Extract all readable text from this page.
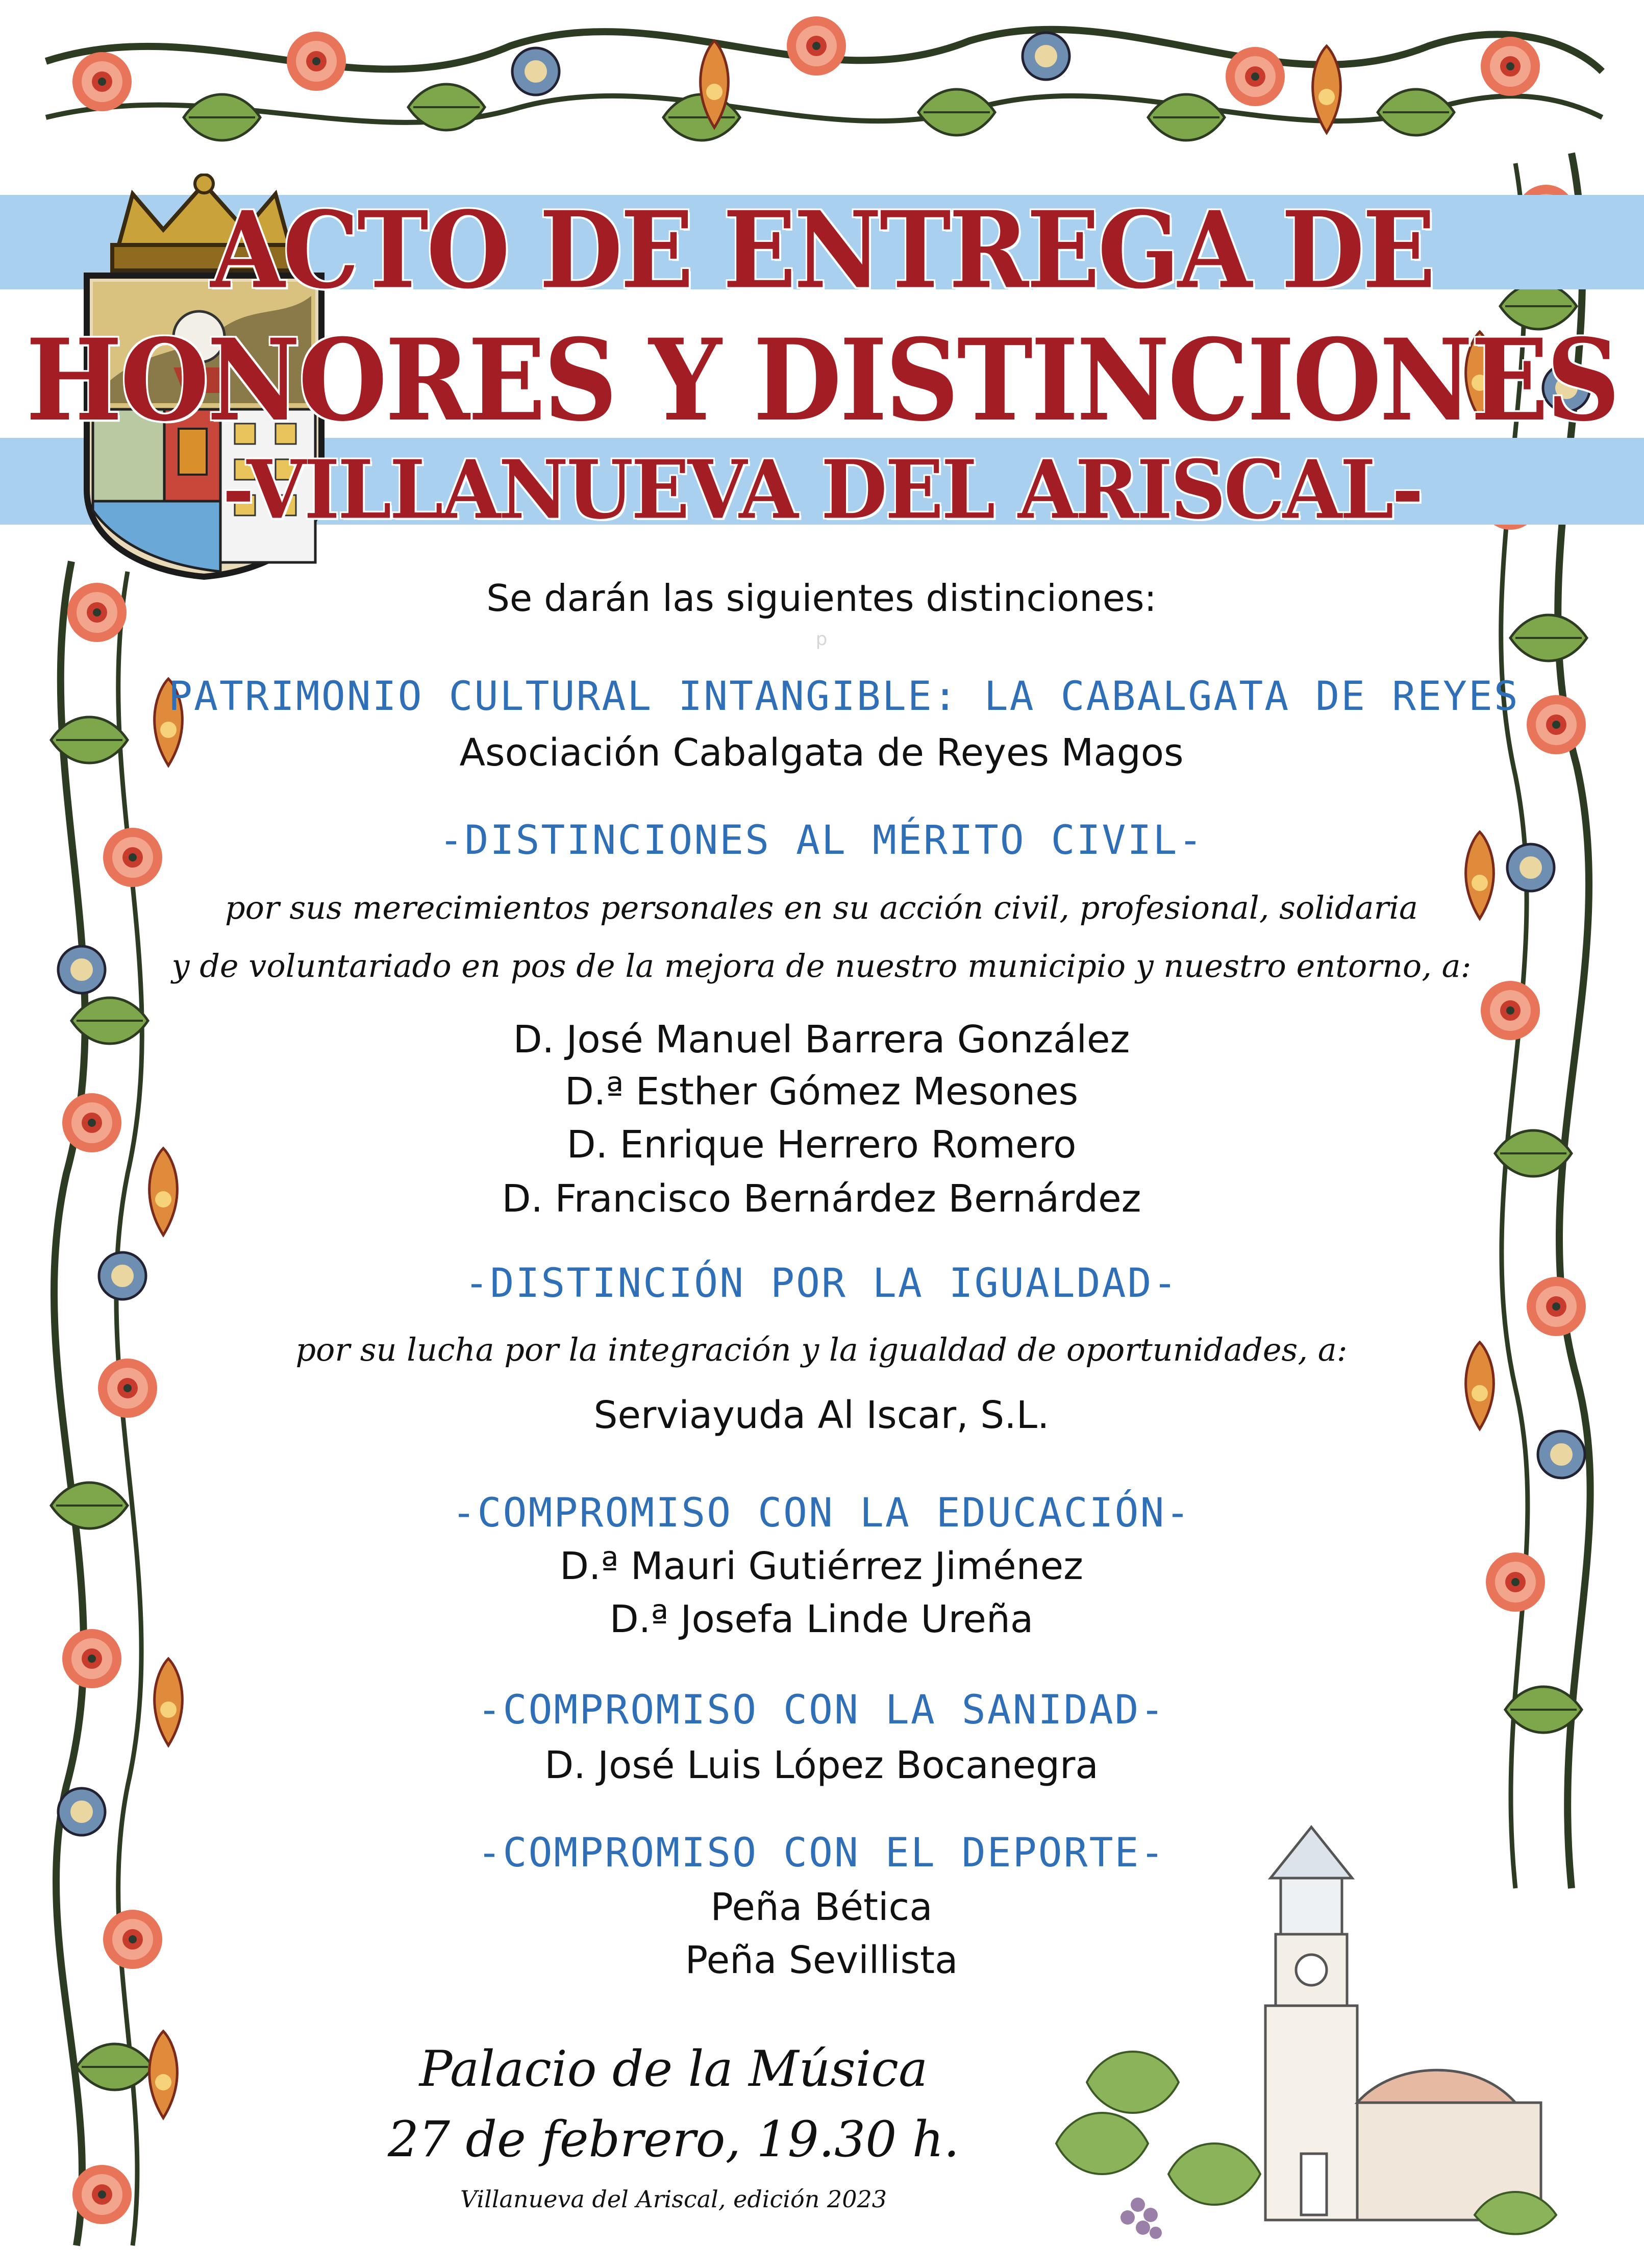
ACTO DE ENTREGA DE
HONORES Y DISTINCIONES
-VILLANUEVA DEL ARISCAL-
Se darán las siguientes distinciones:
p
PATRIMONIO CULTURAL INTANGIBLE: LA CABALGATA DE REYES
Asociación Cabalgata de Reyes Magos
-DISTINCIONES AL MÉRITO CIVIL-
por sus merecimientos personales en su acción civil, profesional, solidaria
y de voluntariado en pos de la mejora de nuestro municipio y nuestro entorno, a:
D. José Manuel Barrera González
D.ª Esther Gómez Mesones
D. Enrique Herrero Romero
D. Francisco Bernárdez Bernárdez
-DISTINCIÓN POR LA IGUALDAD-
por su lucha por la integración y la igualdad de oportunidades, a:
Serviayuda Al Iscar, S.L.
-COMPROMISO CON LA EDUCACIÓN-
D.ª Mauri Gutiérrez Jiménez
D.ª Josefa Linde Ureña
-COMPROMISO CON LA SANIDAD-
D. José Luis López Bocanegra
-COMPROMISO CON EL DEPORTE-
Peña Bética
Peña Sevillista
Palacio de la Música
27 de febrero, 19.30 h.
Villanueva del Ariscal, edición 2023
